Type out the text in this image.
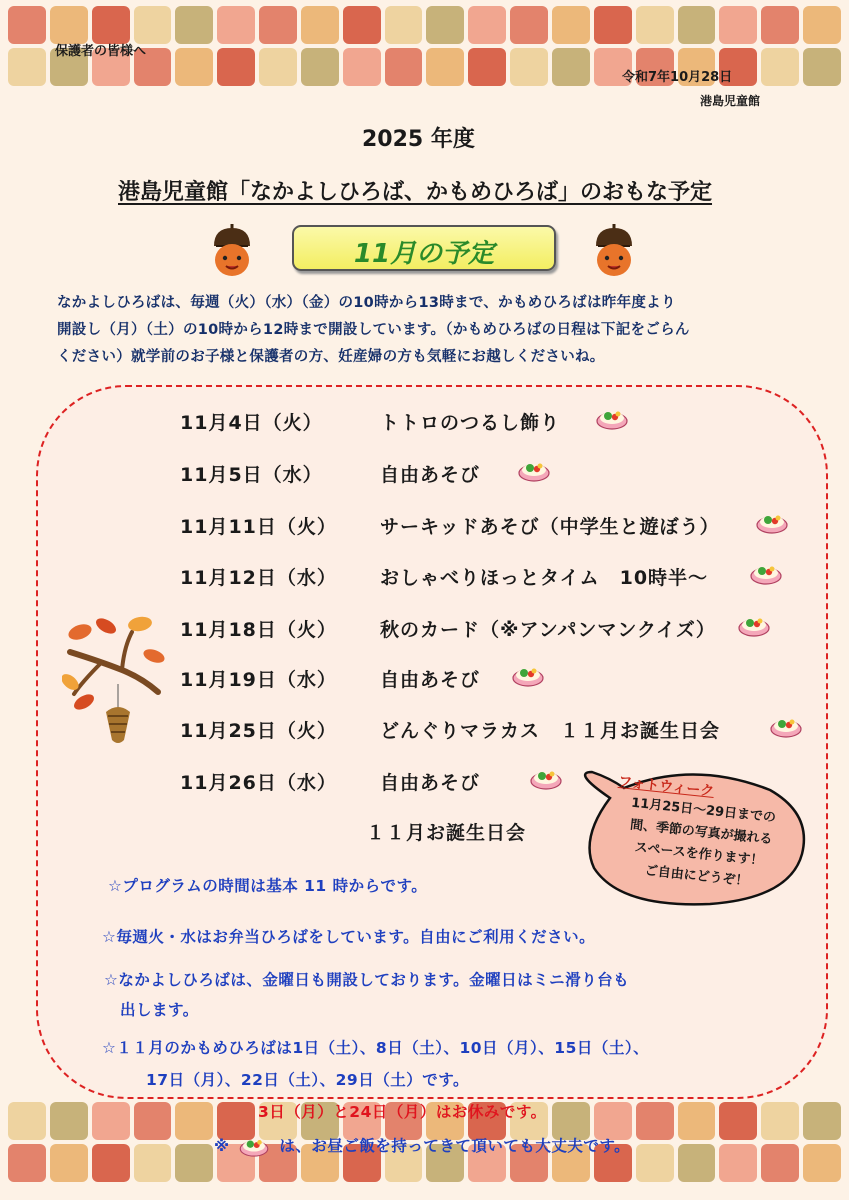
保護者の皆様へ
令和7年10月28日
港島児童館
2025 年度
港島児童館「なかよしひろば、かもめひろば」のおもな予定
11月の予定
なかよしひろばは、毎週（火）（水）（金）の10時から13時まで、かもめひろばは昨年度より
開設し（月）（土）の10時から12時まで開設しています。（かもめひろばの日程は下記をごらん
ください）就学前のお子様と保護者の方、妊産婦の方も気軽にお越しくださいね。
11月4日（火）	トトロのつるし飾り
11月5日（水）	自由あそび
11月11日（火） サーキッドあそび（中学生と遊ぼう）
11月12日（水） おしゃべりほっとタイム　10時半～
11月18日（火） 秋のカード（※アンパンマンクイズ）
11月19日（水） 自由あそび
11月25日（火） どんぐりマラカス　１１月お誕生日会
11月26日（水） 自由あそび	フォトウィーク
11月25日～29日までの
間、季節の写真が撮れる
スペースを作ります！
ご自由にどうぞ！
１１月お誕生日会
☆プログラムの時間は基本 11 時からです。
☆毎週火・水はお弁当ひろばをしています。自由にご利用ください。
☆なかよしひろばは、金曜日も開設しております。金曜日はミニ滑り台も
出します。
☆１１月のかもめひろばは1日（土）、8日（土）、10日（月）、15日（土）、
17日（月）、22日（土）、29日（土）です。
3日（月）と24日（月）はお休みです。
※	は、お昼ご飯を持ってきて頂いても大丈夫です。
